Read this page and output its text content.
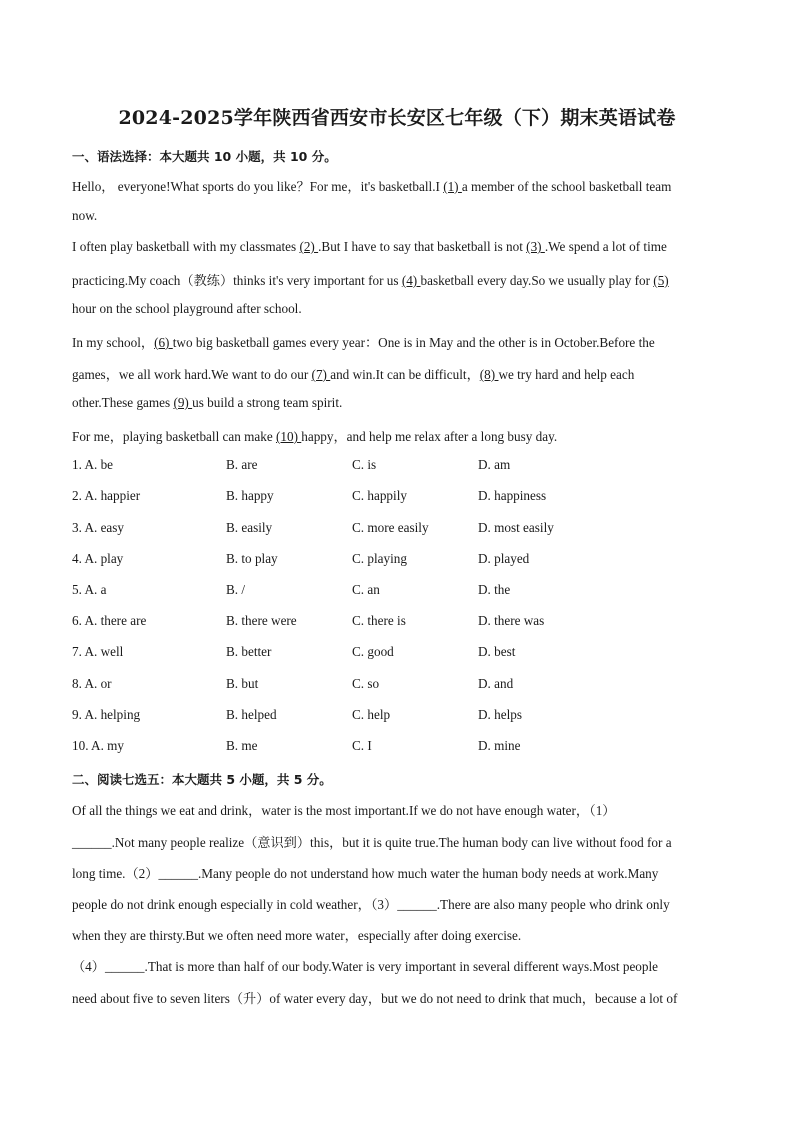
2024-2025学年陕西省西安市长安区七年级（下）期末英语试卷
一、语法选择：本大题共 10 小题，共 10 分。
Hello， everyone!What sports do you like？For me，it's basketball.I (1) a member of the school basketball team
now.
I often play basketball with my classmates (2) .But I have to say that basketball is not (3) .We spend a lot of time
practicing.My coach（教练）thinks it's very important for us (4) basketball every day.So we usually play for (5)
hour on the school playground after school.
In my school，(6) two big basketball games every year：One is in May and the other is in October.Before the
games，we all work hard.We want to do our (7) and win.It can be difficult，(8) we try hard and help each
other.These games (9) us build a strong team spirit.
For me，playing basketball can make (10) happy，and help me relax after a long busy day.
1. A. be	B. are	C. is	D. am
2. A. happier	B. happy	C. happily	D. happiness
3. A. easy	B. easily	C. more easily	D. most easily
4. A. play	B. to play	C. playing	D. played
5. A. a	B. /	C. an	D. the
6. A. there are	B. there were	C. there is	D. there was
7. A. well	B. better	C. good	D. best
8. A. or	B. but	C. so	D. and
9. A. helping	B. helped	C. help	D. helps
10. A. my	B. me	C. I	D. mine
二、阅读七选五：本大题共 5 小题，共 5 分。
Of all the things we eat and drink，water is the most important.If we do not have enough water，（1）
______.Not many people realize（意识到）this，but it is quite true.The human body can live without food for a
long time.（2）______.Many people do not understand how much water the human body needs at work.Many
people do not drink enough especially in cold weather，（3）______.There are also many people who drink only
when they are thirsty.But we often need more water，especially after doing exercise.
（4）______.That is more than half of our body.Water is very important in several different ways.Most people
need about five to seven liters（升）of water every day，but we do not need to drink that much，because a lot of
